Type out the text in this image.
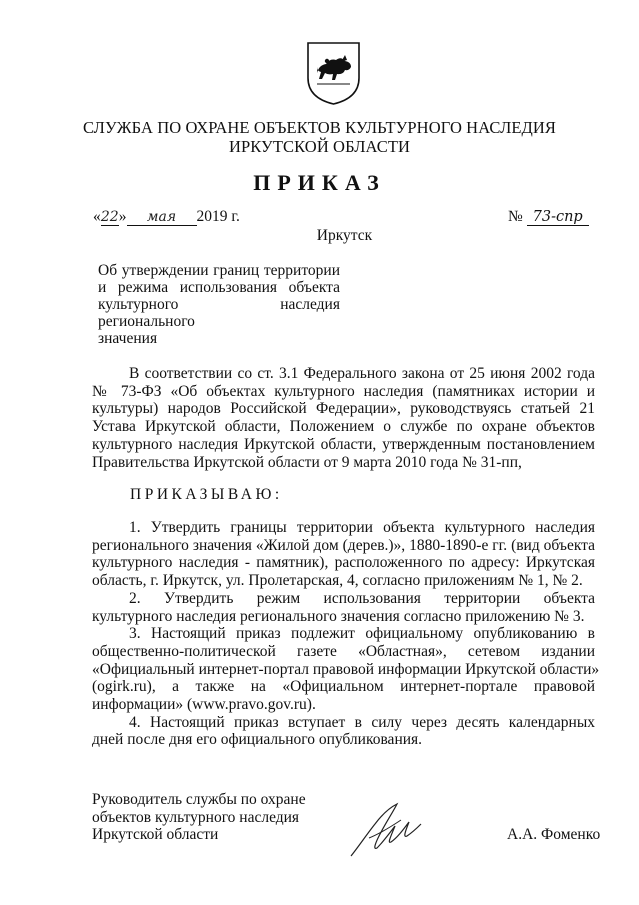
СЛУЖБА ПО ОХРАНЕ ОБЪЕКТОВ КУЛЬТУРНОГО НАСЛЕДИЯ
ИРКУТСКОЙ ОБЛАСТИ
ПРИКАЗ
«22» мая 2019 г.	№ 73-спр
Иркутск
Об утверждении границ территории
и режима использования объекта
культурного наследия регионального
значения
В соответствии со ст. 3.1 Федерального закона от 25 июня 2002 года
№ 73-ФЗ «Об объектах культурного наследия (памятниках истории и
культуры) народов Российской Федерации», руководствуясь статьей 21
Устава Иркутской области, Положением о службе по охране объектов
культурного наследия Иркутской области, утвержденным постановлением
Правительства Иркутской области от 9 марта 2010 года № 31-пп,
ПРИКАЗЫВАЮ:
1. Утвердить границы территории объекта культурного наследия
регионального значения «Жилой дом (дерев.)», 1880-1890-е гг. (вид объекта
культурного наследия - памятник), расположенного по адресу: Иркутская
область, г. Иркутск, ул. Пролетарская, 4, согласно приложениям № 1, № 2.
2. Утвердить режим использования территории объекта
культурного наследия регионального значения согласно приложению № 3.
3. Настоящий приказ подлежит официальному опубликованию в
общественно-политической газете «Областная», сетевом издании
«Официальный интернет-портал правовой информации Иркутской области»
(ogirk.ru), а также на «Официальном интернет-портале правовой
информации» (www.pravo.gov.ru).
4. Настоящий приказ вступает в силу через десять календарных
дней после дня его официального опубликования.
Руководитель службы по охране
объектов культурного наследия
Иркутской области	А.А. Фоменко
